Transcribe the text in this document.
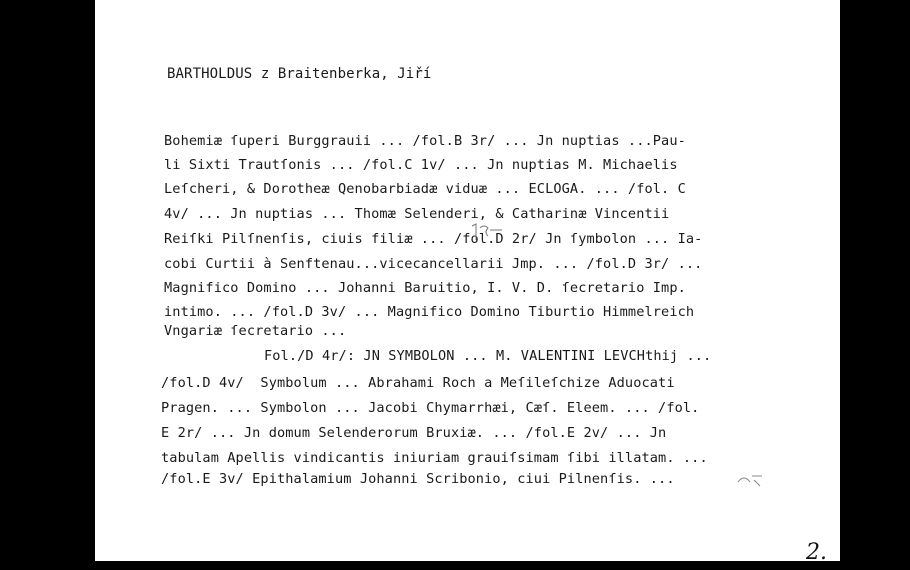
BARTHOLDUS z Braitenberka, Jiří
Bohemiæ ſuperi Burggrauii ... /fol.B 3r/ ... Jn nuptias ...Pau-
li Sixti Trautſonis ... /fol.C 1v/ ... Jn nuptias M. Michaelis
Leſcheri, & Dorotheæ Qenobarbiadæ viduæ ... ECLOGA. ... /fol. C
4v/ ... Jn nuptias ... Thomæ Selenderi, & Catharinæ Vincentii
Reiſki Pilſnenſis, ciuis filiæ ... /fol.D 2r/ Jn ſymbolon ... Ia-
cobi Curtii à Senftenau...vicecancellarii Jmp. ... /fol.D 3r/ ...
Magnifico Domino ... Johanni Baruitio, I. V. D. ſecretario Imp.
intimo. ... /fol.D 3v/ ... Magnifico Domino Tiburtio Himmelreich
Vngariæ ſecretario ...
Fol./D 4r/: JN SYMBOLON ... M. VALENTINI LEVCHthij ...
/fol.D 4v/  Symbolum ... Abrahami Roch a Meſileſchize Aduocati
Pragen. ... Symbolon ... Jacobi Chymarrhæi, Cæſ. Eleem. ... /fol.
E 2r/ ... Jn domum Selenderorum Bruxiæ. ... /fol.E 2v/ ... Jn
tabulam Apellis vindicantis iniuriam grauiſsimam ſibi illatam. ...
/fol.E 3v/ Epithalamium Johanni Scribonio, ciui Pilnenſis. ...
2.
